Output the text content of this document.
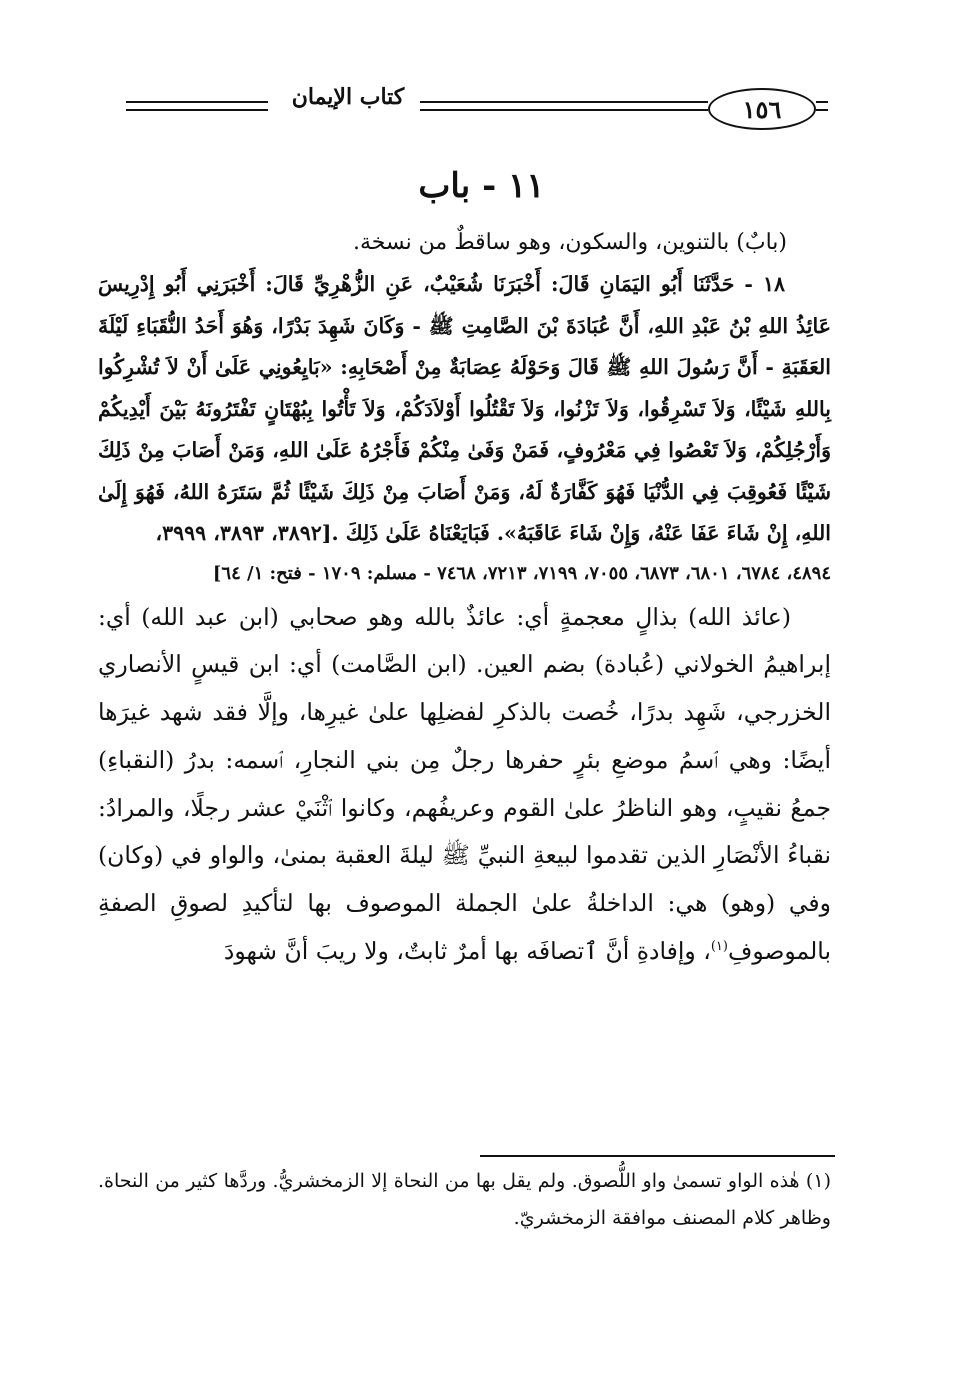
كتاب الإيمان	١٥٦
١١ - باب

(بابٌ) بالتنوين، والسكون، وهو ساقطٌ من نسخة.

١٨ - حَدَّثَنَا أَبُو اليَمَانِ قَالَ: أَخْبَرَنَا شُعَيْبٌ، عَنِ الزُّهْرِيِّ قَالَ: أَخْبَرَنِي أَبُو إِدْرِيسَ عَائِذُ اللهِ بْنُ عَبْدِ اللهِ، أَنَّ عُبَادَةَ بْنَ الصَّامِتِ ﷺ - وَكَانَ شَهِدَ بَدْرًا، وَهُوَ أَحَدُ النُّقَبَاءِ لَيْلَةَ العَقَبَةِ - أَنَّ رَسُولَ اللهِ ﷺ قَالَ وَحَوْلَهُ عِصَابَةٌ مِنْ أَصْحَابِهِ: «بَايِعُونِي عَلَىٰ أَنْ لاَ تُشْرِكُوا بِاللهِ شَيْئًا، وَلاَ تَسْرِقُوا، وَلاَ تَزْنُوا، وَلاَ تَقْتُلُوا أَوْلاَدَكُمْ، وَلاَ تَأْتُوا بِبُهْتَانٍ تَفْتَرُونَهُ بَيْنَ أَيْدِيكُمْ وَأَرْجُلِكُمْ، وَلاَ تَعْصُوا فِي مَعْرُوفٍ، فَمَنْ وَفَىٰ مِنْكُمْ فَأَجْرُهُ عَلَىٰ اللهِ، وَمَنْ أَصَابَ مِنْ ذَلِكَ شَيْئًا فَعُوقِبَ فِي الدُّنْيَا فَهُوَ كَفَّارَةٌ لَهُ، وَمَنْ أَصَابَ مِنْ ذَلِكَ شَيْئًا ثُمَّ سَتَرَهُ اللهُ، فَهُوَ إِلَىٰ اللهِ، إِنْ شَاءَ عَفَا عَنْهُ، وَإِنْ شَاءَ عَاقَبَهُ». فَبَايَعْنَاهُ عَلَىٰ ذَلِكَ .[٣٨٩٢، ٣٨٩٣، ٣٩٩٩،

٤٨٩٤، ٦٧٨٤، ٦٨٠١، ٦٨٧٣، ٧٠٥٥، ٧١٩٩، ٧٢١٣، ٧٤٦٨ - مسلم: ١٧٠٩ - فتح: ١/ ٦٤]

(عائذ الله) بذالٍ معجمةٍ أي: عائذٌ بالله وهو صحابي (ابن عبد الله) أي: إبراهيمُ الخولاني (عُبادة) بضم العين. (ابن الصَّامت) أي: ابن قيسٍ الأنصاري الخزرجي، شَهِد بدرًا، خُصت بالذكرِ لفضلِها علىٰ غيرِها، وإلَّا فقد شهد غيرَها أيضًا: وهي ٱسمُ موضعِ بئرٍ حفرها رجلٌ مِن بني النجارِ، ٱسمه: بدرُ (النقباءِ) جمعُ نقيبٍ، وهو الناظرُ علىٰ القوم وعريفُهم، وكانوا ٱثْنَيْ عشر رجلًا، والمرادُ: نقباءُ الأنْصَارِ الذين تقدموا لبيعةِ النبيِّ ﷺ ليلةَ العقبة بمنىٰ، والواو في (وكان) وفي (وهو) هي: الداخلةُ علىٰ الجملة الموصوف بها لتأكيدِ لصوقِ الصفةِ بالموصوفِ$^{(١)}$، وإفادةِ أنَّ ٱتصافَه بها أمرٌ ثابتٌ، ولا ريبَ أنَّ شهودَ

(١) هٰذه الواو تسمىٰ واو اللُّصوق. ولم يقل بها من النحاة إلا الزمخشريُّ. وردَّها كثير من النحاة. وظاهر كلام المصنف موافقة الزمخشريّ.
